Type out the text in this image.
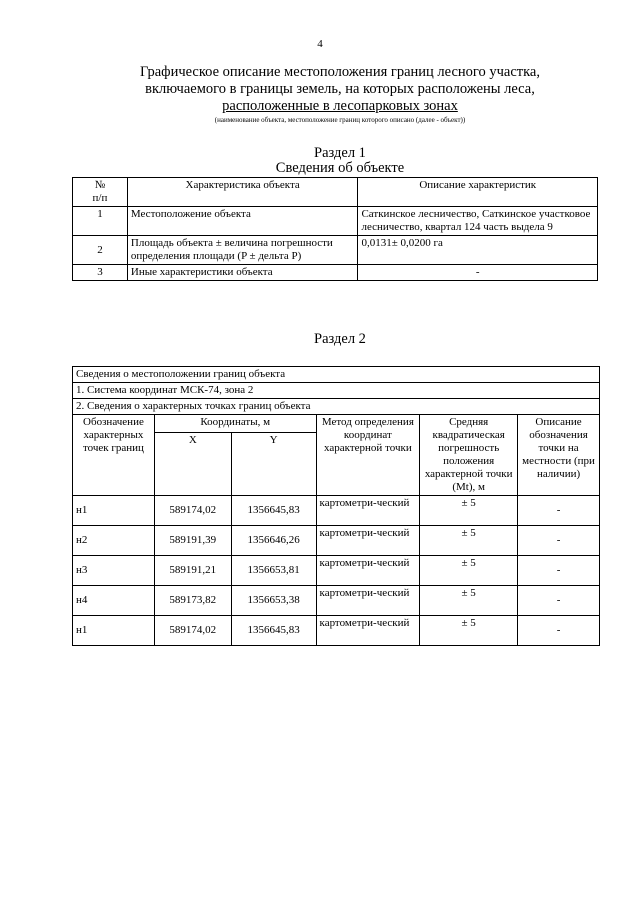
4
Графическое описание местоположения границ лесного участка,
включаемого в границы земель, на которых расположены леса,
расположенные в лесопарковых зонах
(наименование объекта, местоположение границ которого описано (далее - объект))
Раздел 1
Сведения об объекте
№
п/п	Характеристика объекта	Описание характеристик
1	Местоположение объекта	Саткинское лесничество, Саткинское участковое лесничество, квартал 124 часть выдела 9
2	Площадь объекта ± величина погрешности определения площади (P ± дельта P)	0,0131± 0,0200 га
3	Иные характеристики объекта	-
Раздел 2
Сведения о местоположении границ объекта					
1. Система координат МСК-74, зона 2					
2. Сведения о характерных точках границ объекта					
Обозначение характерных точек границ	Координаты, м		Метод определения координат характерной точки	Средняя квадратическая погрешность положения характерной точки (Mt), м	Описание обозначения точки на местности (при наличии)
	X	Y			
н1	589174,02	1356645,83	картометри-ческий	± 5	-
н2	589191,39	1356646,26	картометри-ческий	± 5	-
н3	589191,21	1356653,81	картометри-ческий	± 5	-
н4	589173,82	1356653,38	картометри-ческий	± 5	-
н1	589174,02	1356645,83	картометри-ческий	± 5	-
